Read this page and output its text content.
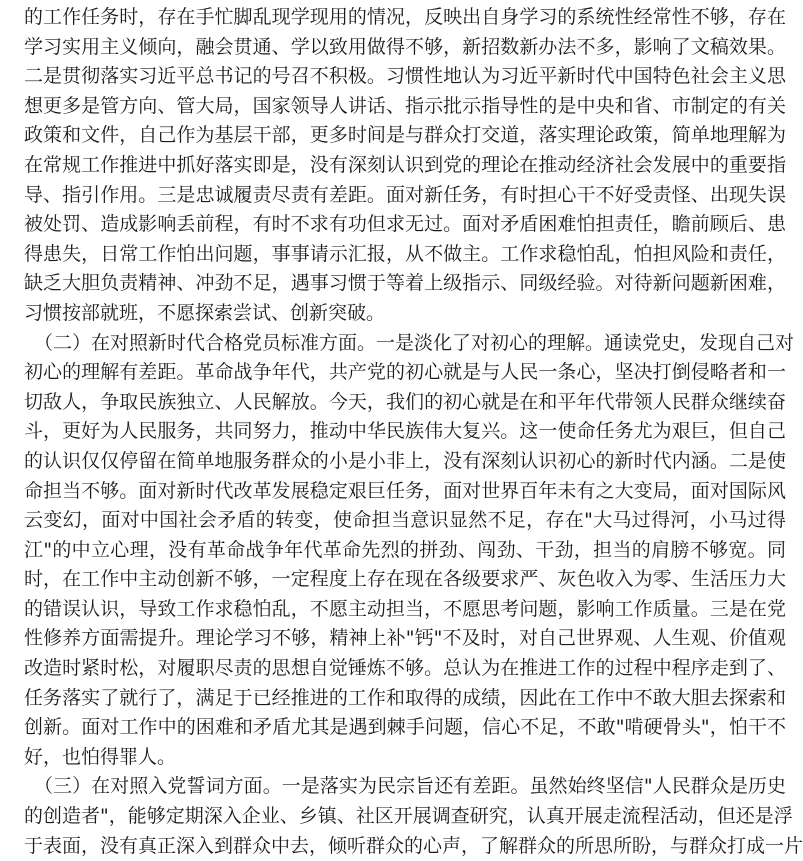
的工作任务时，存在手忙脚乱现学现用的情况，反映出自身学习的系统性经常性不够，存在
学习实用主义倾向，融会贯通、学以致用做得不够，新招数新办法不多，影响了文稿效果。
二是贯彻落实习近平总书记的号召不积极。习惯性地认为习近平新时代中国特色社会主义思
想更多是管方向、管大局，国家领导人讲话、指示批示指导性的是中央和省、市制定的有关
政策和文件，自己作为基层干部，更多时间是与群众打交道，落实理论政策，简单地理解为
在常规工作推进中抓好落实即是，没有深刻认识到党的理论在推动经济社会发展中的重要指
导、指引作用。三是忠诚履责尽责有差距。面对新任务，有时担心干不好受责怪、出现失误
被处罚、造成影响丢前程，有时不求有功但求无过。面对矛盾困难怕担责任，瞻前顾后、患
得患失，日常工作怕出问题，事事请示汇报，从不做主。工作求稳怕乱，怕担风险和责任，
缺乏大胆负责精神、冲劲不足，遇事习惯于等着上级指示、同级经验。对待新问题新困难，
习惯按部就班，不愿探索尝试、创新突破。
（二）在对照新时代合格党员标准方面。一是淡化了对初心的理解。通读党史，发现自己对
初心的理解有差距。革命战争年代，共产党的初心就是与人民一条心，坚决打倒侵略者和一
切敌人，争取民族独立、人民解放。今天，我们的初心就是在和平年代带领人民群众继续奋
斗，更好为人民服务，共同努力，推动中华民族伟大复兴。这一使命任务尤为艰巨，但自己
的认识仅仅停留在简单地服务群众的小是小非上，没有深刻认识初心的新时代内涵。二是使
命担当不够。面对新时代改革发展稳定艰巨任务，面对世界百年未有之大变局，面对国际风
云变幻，面对中国社会矛盾的转变，使命担当意识显然不足，存在"大马过得河，小马过得
江"的中立心理，没有革命战争年代革命先烈的拼劲、闯劲、干劲，担当的肩膀不够宽。同
时，在工作中主动创新不够，一定程度上存在现在各级要求严、灰色收入为零、生活压力大
的错误认识，导致工作求稳怕乱，不愿主动担当，不愿思考问题，影响工作质量。三是在党
性修养方面需提升。理论学习不够，精神上补"钙"不及时，对自己世界观、人生观、价值观
改造时紧时松，对履职尽责的思想自觉锤炼不够。总认为在推进工作的过程中程序走到了、
任务落实了就行了，满足于已经推进的工作和取得的成绩，因此在工作中不敢大胆去探索和
创新。面对工作中的困难和矛盾尤其是遇到棘手问题，信心不足，不敢"啃硬骨头"，怕干不
好，也怕得罪人。
（三）在对照入党誓词方面。一是落实为民宗旨还有差距。虽然始终坚信"人民群众是历史
的创造者"，能够定期深入企业、乡镇、社区开展调查研究，认真开展走流程活动，但还是浮
于表面，没有真正深入到群众中去，倾听群众的心声，了解群众的所思所盼，与群众打成一片
